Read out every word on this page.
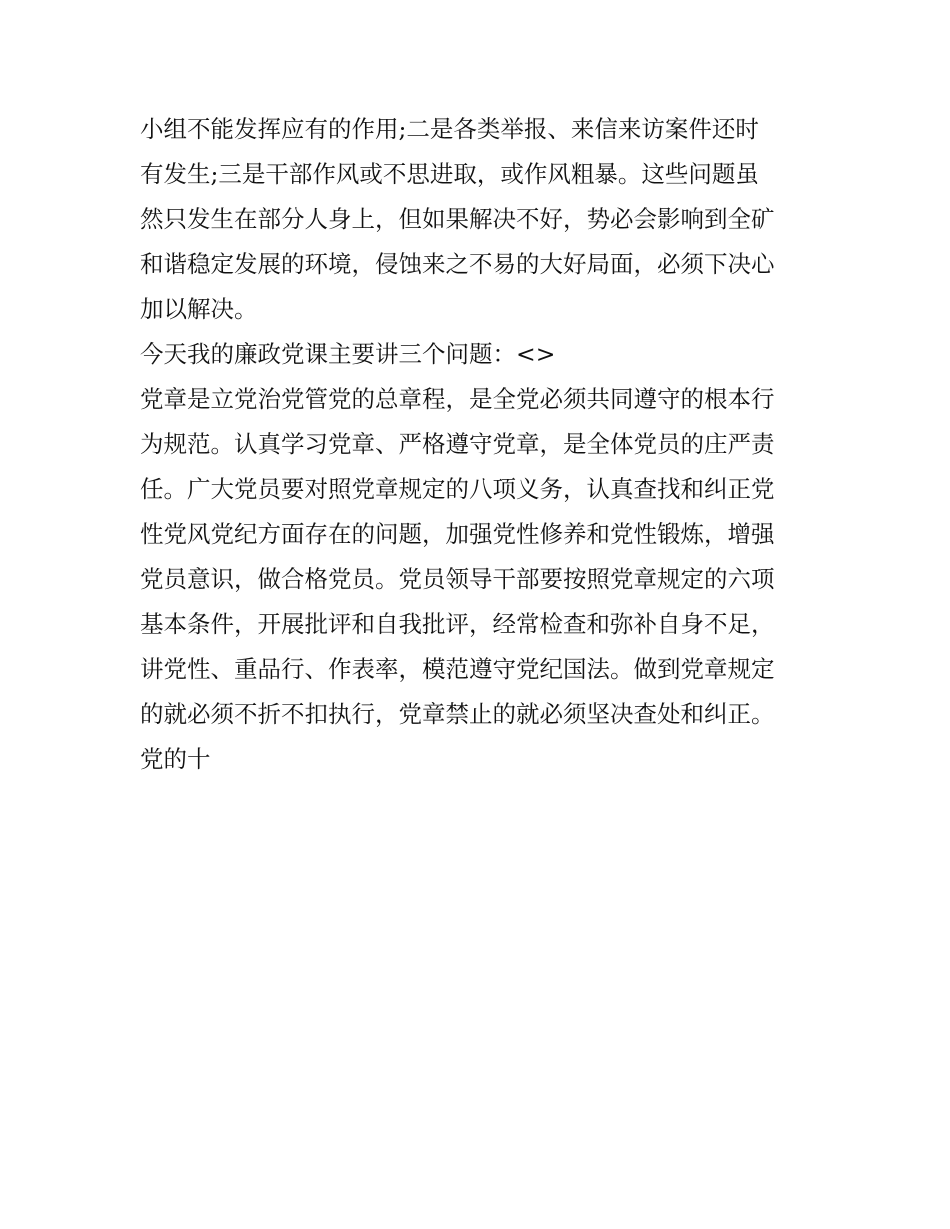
小组不能发挥应有的作用;二是各类举报、来信来访案件还时
有发生;三是干部作风或不思进取，或作风粗暴。这些问题虽
然只发生在部分人身上，但如果解决不好，势必会影响到全矿
和谐稳定发展的环境，侵蚀来之不易的大好局面，必须下决心
加以解决。
今天我的廉政党课主要讲三个问题：<>
党章是立党治党管党的总章程，是全党必须共同遵守的根本行
为规范。认真学习党章、严格遵守党章，是全体党员的庄严责
任。广大党员要对照党章规定的八项义务，认真查找和纠正党
性党风党纪方面存在的问题，加强党性修养和党性锻炼，增强
党员意识，做合格党员。党员领导干部要按照党章规定的六项
基本条件，开展批评和自我批评，经常检查和弥补自身不足，
讲党性、重品行、作表率，模范遵守党纪国法。做到党章规定
的就必须不折不扣执行，党章禁止的就必须坚决查处和纠正。
党的十
